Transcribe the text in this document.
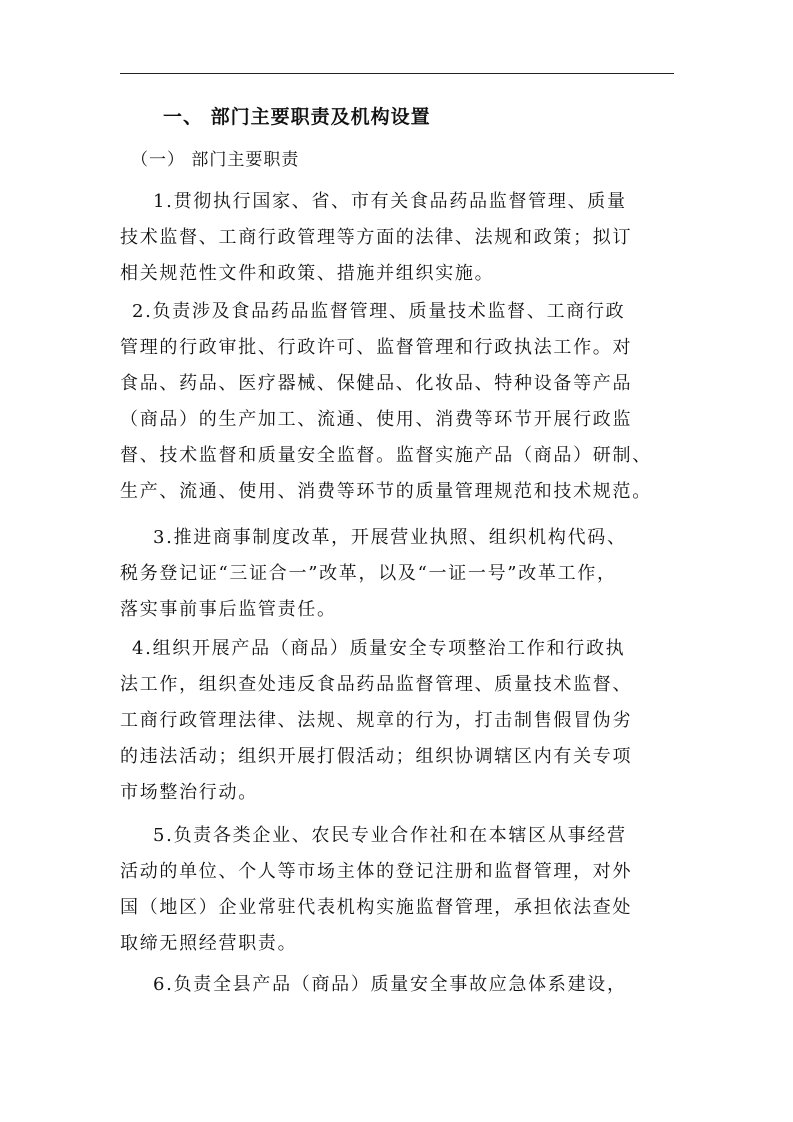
一、 部门主要职责及机构设置
（一） 部门主要职责
1.贯彻执行国家、省、市有关食品药品监督管理、质量
技术监督、工商行政管理等方面的法律、法规和政策；拟订
相关规范性文件和政策、措施并组织实施。
2.负责涉及食品药品监督管理、质量技术监督、工商行政
管理的行政审批、行政许可、监督管理和行政执法工作。对
食品、药品、医疗器械、保健品、化妆品、特种设备等产品
（商品）的生产加工、流通、使用、消费等环节开展行政监
督、技术监督和质量安全监督。监督实施产品（商品）研制、
生产、流通、使用、消费等环节的质量管理规范和技术规范。
3.推进商事制度改革，开展营业执照、组织机构代码、
税务登记证“三证合一”改革，以及“一证一号”改革工作，
落实事前事后监管责任。
4.组织开展产品（商品）质量安全专项整治工作和行政执
法工作，组织查处违反食品药品监督管理、质量技术监督、
工商行政管理法律、法规、规章的行为，打击制售假冒伪劣
的违法活动；组织开展打假活动；组织协调辖区内有关专项
市场整治行动。
5.负责各类企业、农民专业合作社和在本辖区从事经营
活动的单位、个人等市场主体的登记注册和监督管理，对外
国（地区）企业常驻代表机构实施监督管理，承担依法查处
取缔无照经营职责。
6.负责全县产品（商品）质量安全事故应急体系建设，
